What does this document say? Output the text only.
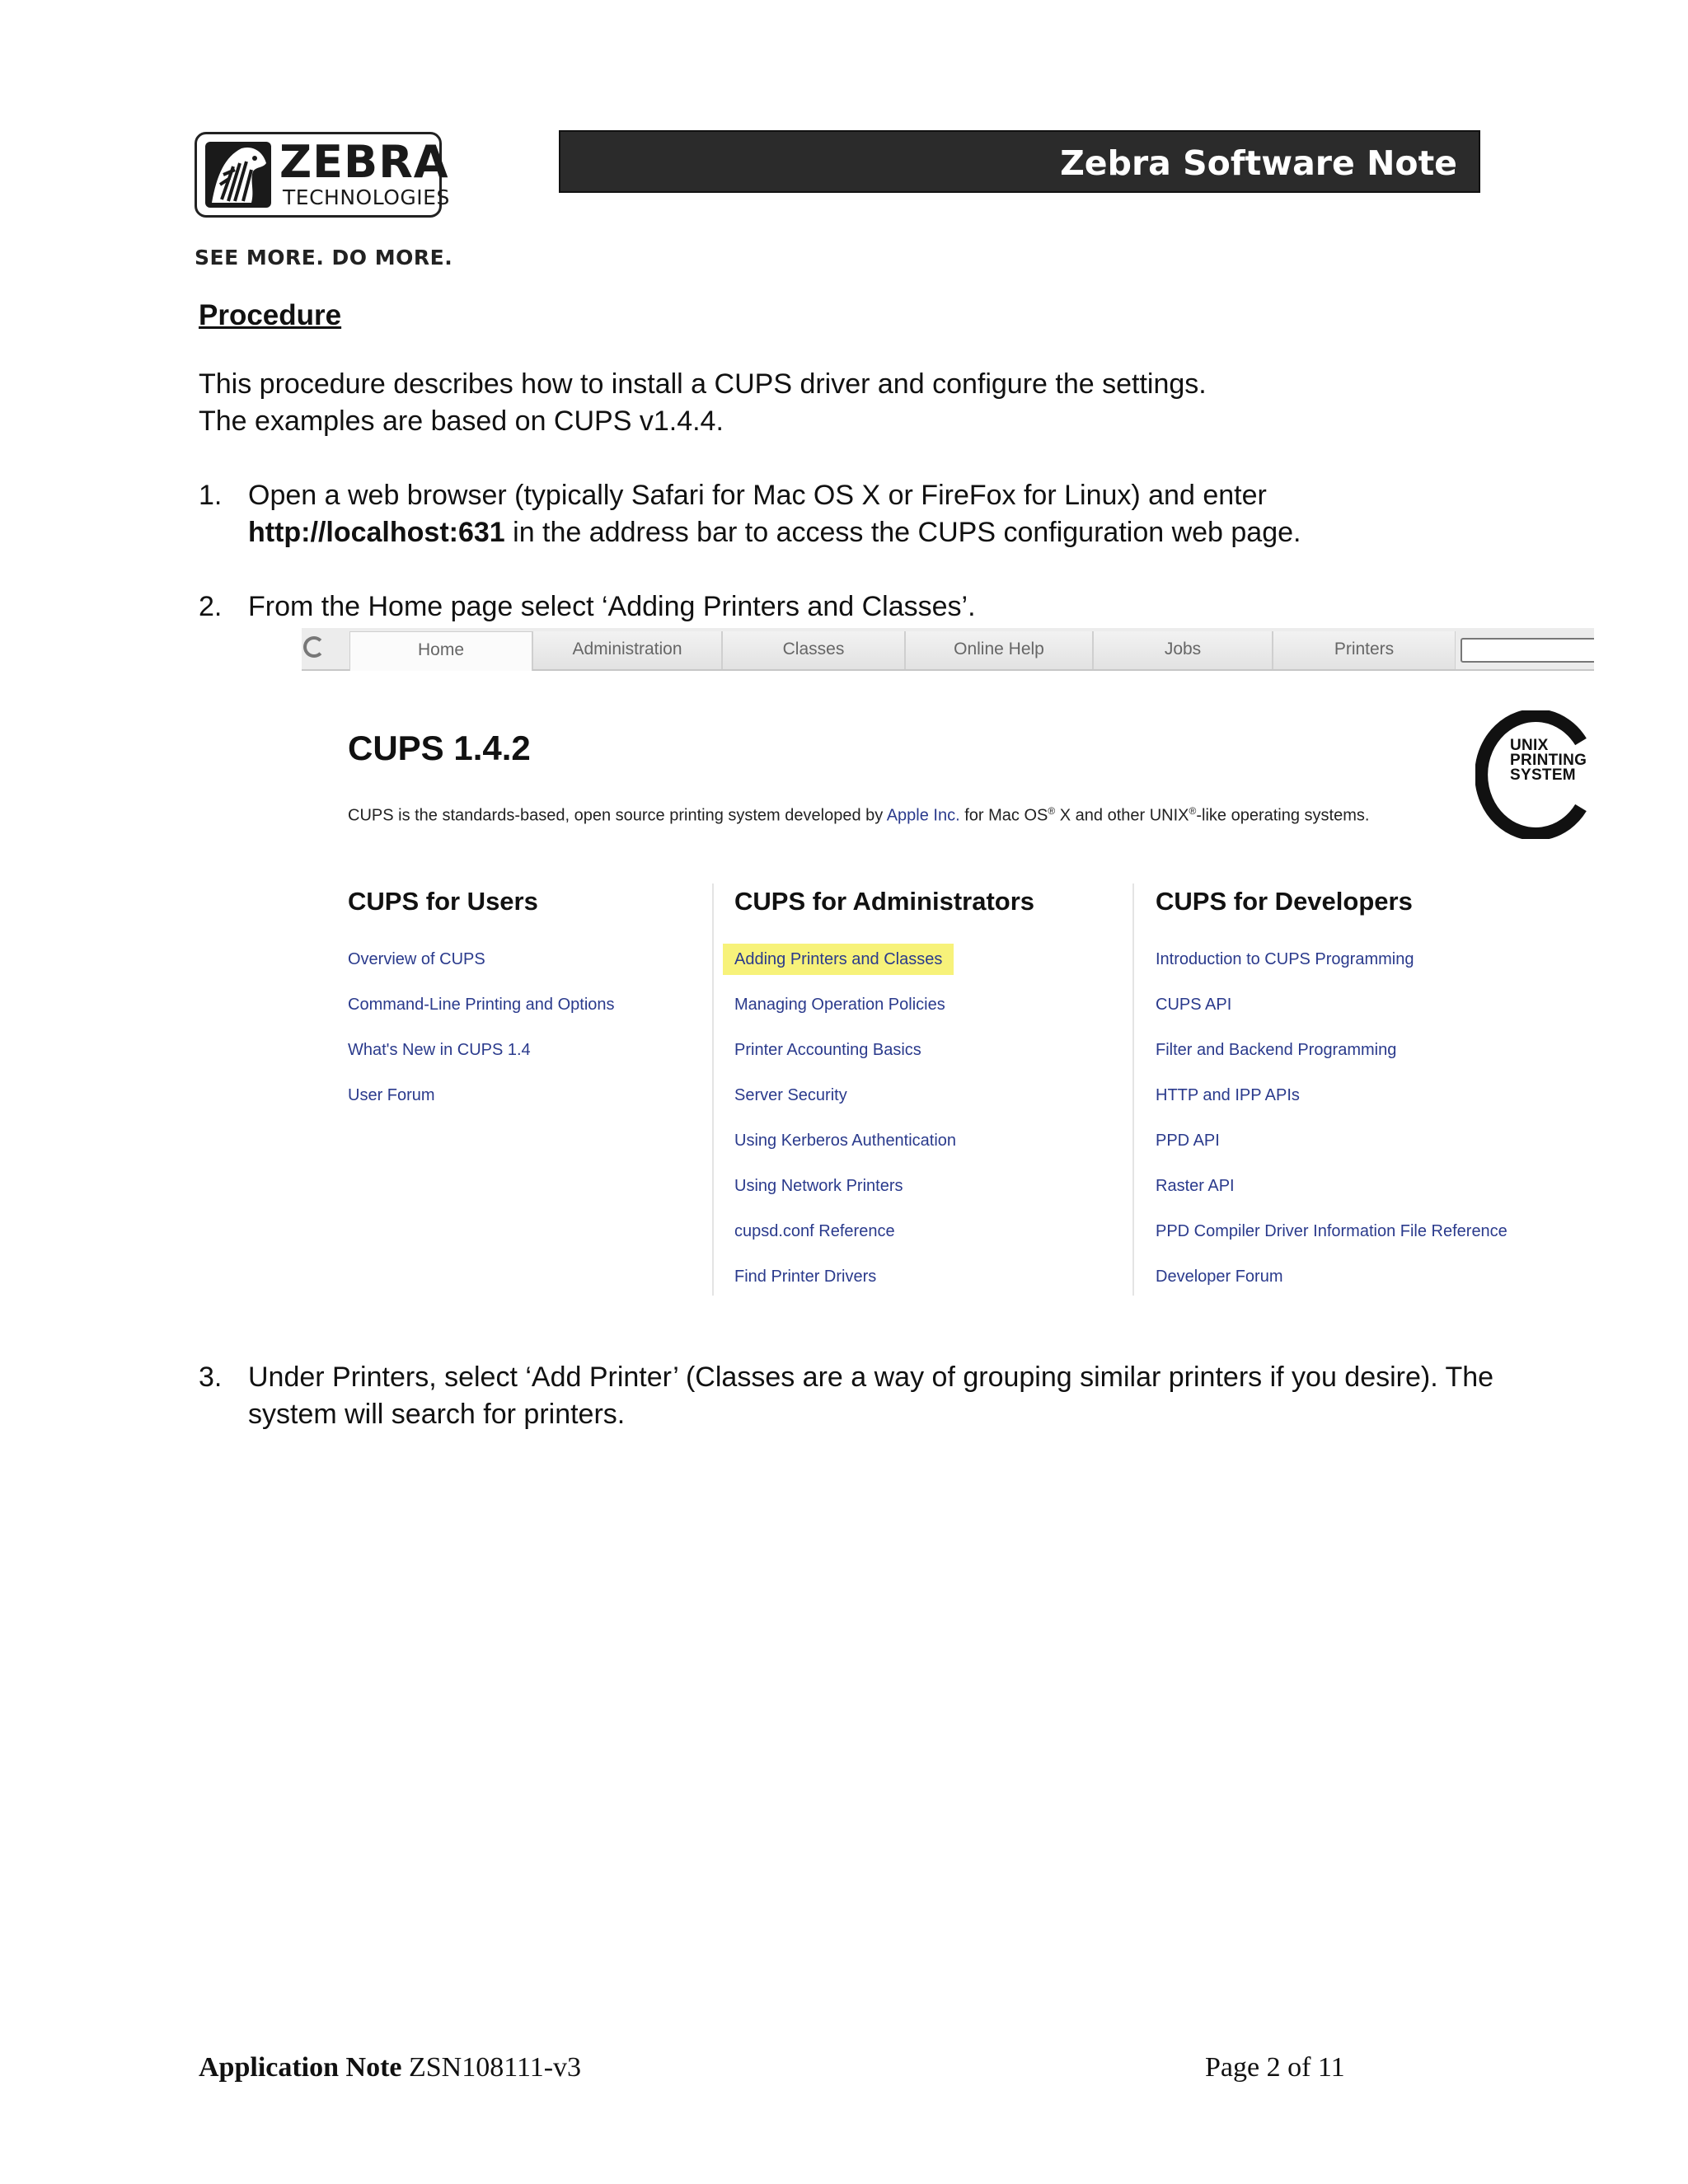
ZEBRA
TECHNOLOGIES
SEE MORE. DO MORE.
Zebra Software Note
Procedure
This procedure describes how to install a CUPS driver and configure the settings.
The examples are based on CUPS v1.4.4.
1. Open a web browser (typically Safari for Mac OS X or FireFox for Linux) and enter
http://localhost:631 in the address bar to access the CUPS configuration web page.
2. From the Home page select ‘Adding Printers and Classes’.
Home	Administration	Classes	Online Help	Jobs	Printers
CUPS 1.4.2
CUPS is the standards-based, open source printing system developed by Apple Inc. for Mac OS® X and other UNIX®-like operating systems.
UNIX
PRINTING
SYSTEM
CUPS for Users
Overview of CUPS
Command-Line Printing and Options
What's New in CUPS 1.4
User Forum
CUPS for Administrators
Adding Printers and Classes
Managing Operation Policies
Printer Accounting Basics
Server Security
Using Kerberos Authentication
Using Network Printers
cupsd.conf Reference
Find Printer Drivers
CUPS for Developers
Introduction to CUPS Programming
CUPS API
Filter and Backend Programming
HTTP and IPP APIs
PPD API
Raster API
PPD Compiler Driver Information File Reference
Developer Forum
3. Under Printers, select ‘Add Printer’ (Classes are a way of grouping similar printers if you desire). The
system will search for printers.
Application Note ZSN108111-v3	Page 2 of 11
